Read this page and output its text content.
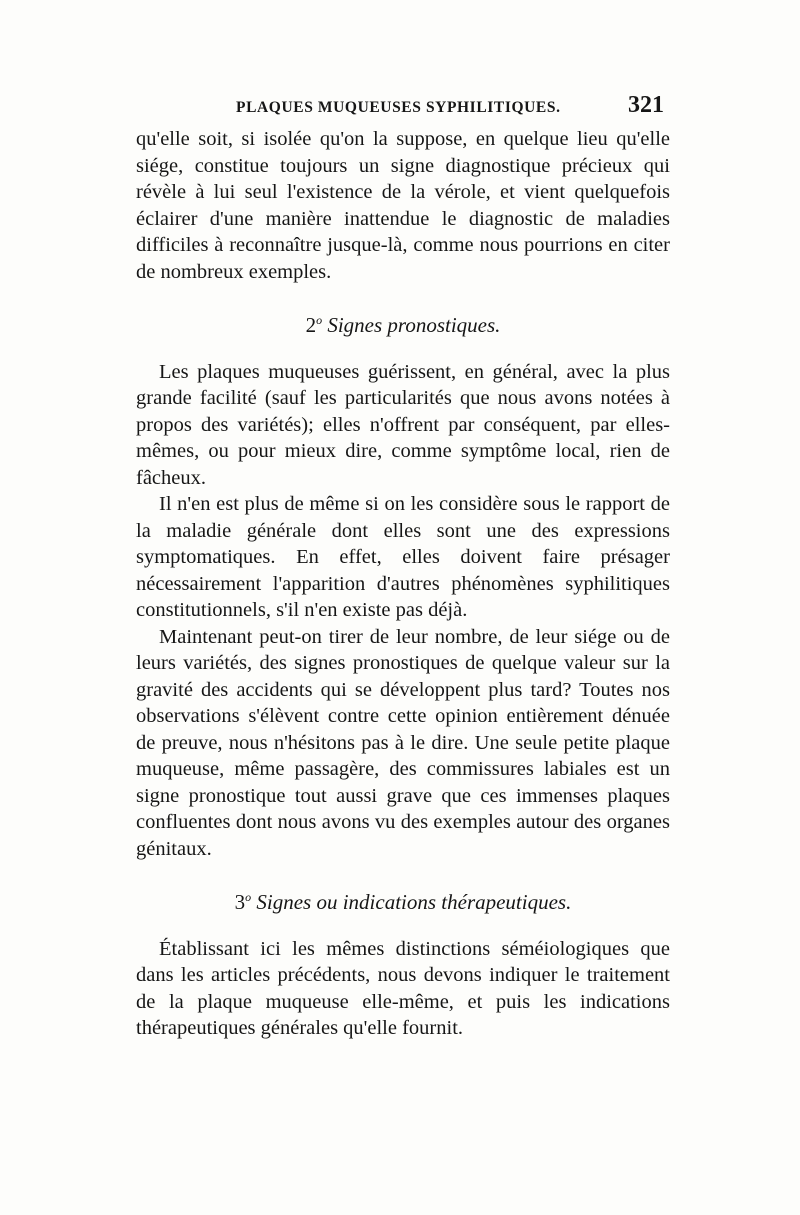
PLAQUES MUQUEUSES SYPHILITIQUES.	321

qu'elle soit, si isolée qu'on la suppose, en quelque lieu qu'elle siége, constitue toujours un signe diagnostique précieux qui révèle à lui seul l'existence de la vérole, et vient quelquefois éclairer d'une manière inattendue le diagnostic de maladies difficiles à reconnaître jusque-là, comme nous pourrions en citer de nombreux exemples.

2$^o$ Signes pronostiques.

Les plaques muqueuses guérissent, en général, avec la plus grande facilité (sauf les particularités que nous avons notées à propos des variétés); elles n'offrent par conséquent, par elles-mêmes, ou pour mieux dire, comme symptôme local, rien de fâcheux.

Il n'en est plus de même si on les considère sous le rapport de la maladie générale dont elles sont une des expressions symptomatiques. En effet, elles doivent faire présager nécessairement l'apparition d'autres phénomènes syphilitiques constitutionnels, s'il n'en existe pas déjà.

Maintenant peut-on tirer de leur nombre, de leur siége ou de leurs variétés, des signes pronostiques de quelque valeur sur la gravité des accidents qui se développent plus tard? Toutes nos observations s'élèvent contre cette opinion entièrement dénuée de preuve, nous n'hésitons pas à le dire. Une seule petite plaque muqueuse, même passagère, des commissures labiales est un signe pronostique tout aussi grave que ces immenses plaques confluentes dont nous avons vu des exemples autour des organes génitaux.

3$^o$ Signes ou indications thérapeutiques.

Établissant ici les mêmes distinctions séméiologiques que dans les articles précédents, nous devons indiquer le traitement de la plaque muqueuse elle-même, et puis les indications thérapeutiques générales qu'elle fournit.
